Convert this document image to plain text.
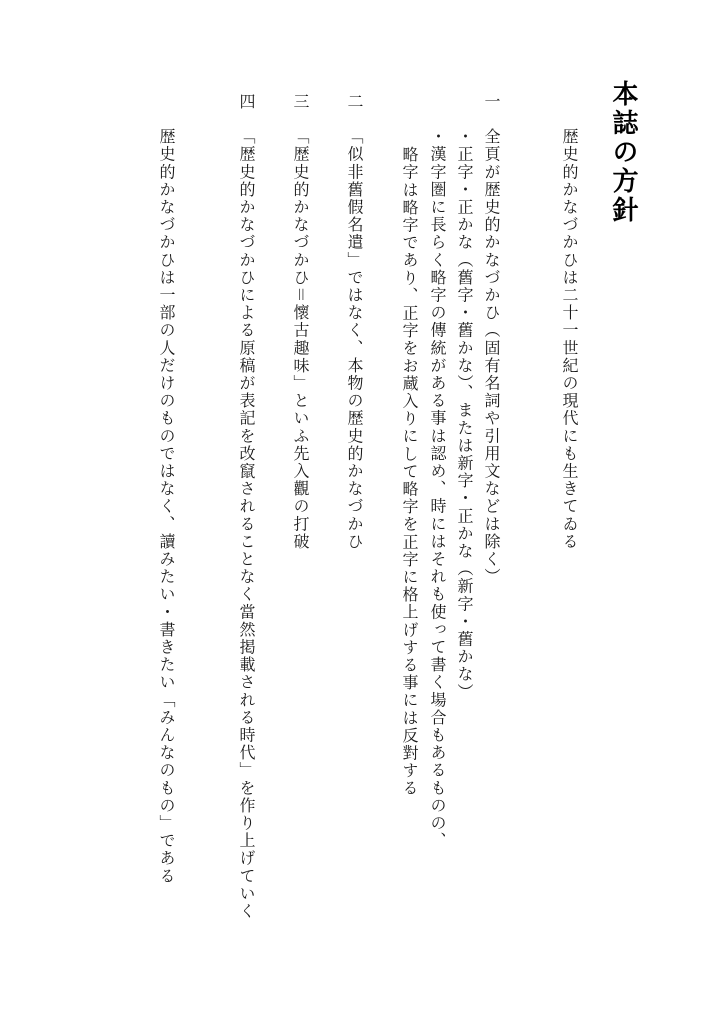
本誌の方針
歴史的かなづかひは二十一世紀の現代にも生きてゐる
一
全頁が歴史的かなづかひ（固有名詞や引用文などは除く）
・正字・正かな（舊字・舊かな）、または新字・正かな（新字・舊かな）
・漢字圏に長らく略字の傳統がある事は認め、時にはそれも使って書く場合もあるものの、
略字は略字であり、正字をお蔵入りにして略字を正字に格上げする事には反對する
二
「似非舊假名遣」ではなく、本物の歴史的かなづかひ
三
「歴史的かなづかひ＝懷古趣味」といふ先入觀の打破
四
「歴史的かなづかひによる原稿が表記を改竄されることなく當然掲載される時代」を作り上げていく
歴史的かなづかひは一部の人だけのものではなく、讀みたい・書きたい「みんなのもの」である
